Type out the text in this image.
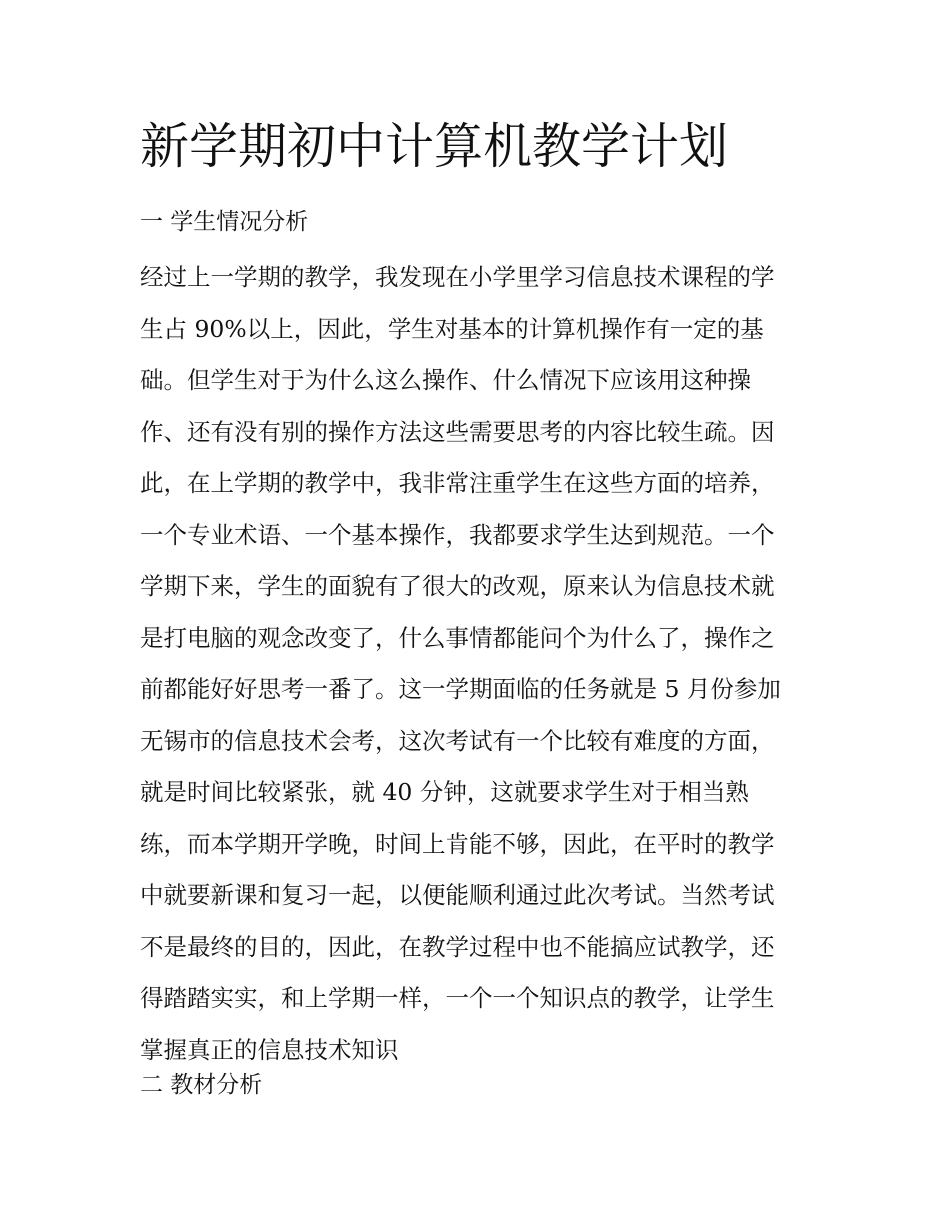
新学期初中计算机教学计划
一 学生情况分析
经过上一学期的教学，我发现在小学里学习信息技术课程的学
生占 90%以上，因此，学生对基本的计算机操作有一定的基
础。但学生对于为什么这么操作、什么情况下应该用这种操
作、还有没有别的操作方法这些需要思考的内容比较生疏。因
此，在上学期的教学中，我非常注重学生在这些方面的培养，
一个专业术语、一个基本操作，我都要求学生达到规范。一个
学期下来，学生的面貌有了很大的改观，原来认为信息技术就
是打电脑的观念改变了，什么事情都能问个为什么了，操作之
前都能好好思考一番了。这一学期面临的任务就是 5 月份参加
无锡市的信息技术会考，这次考试有一个比较有难度的方面，
就是时间比较紧张，就 40 分钟，这就要求学生对于相当熟
练，而本学期开学晚，时间上肯能不够，因此，在平时的教学
中就要新课和复习一起，以便能顺利通过此次考试。当然考试
不是最终的目的，因此，在教学过程中也不能搞应试教学，还
得踏踏实实，和上学期一样，一个一个知识点的教学，让学生
掌握真正的信息技术知识
二 教材分析
